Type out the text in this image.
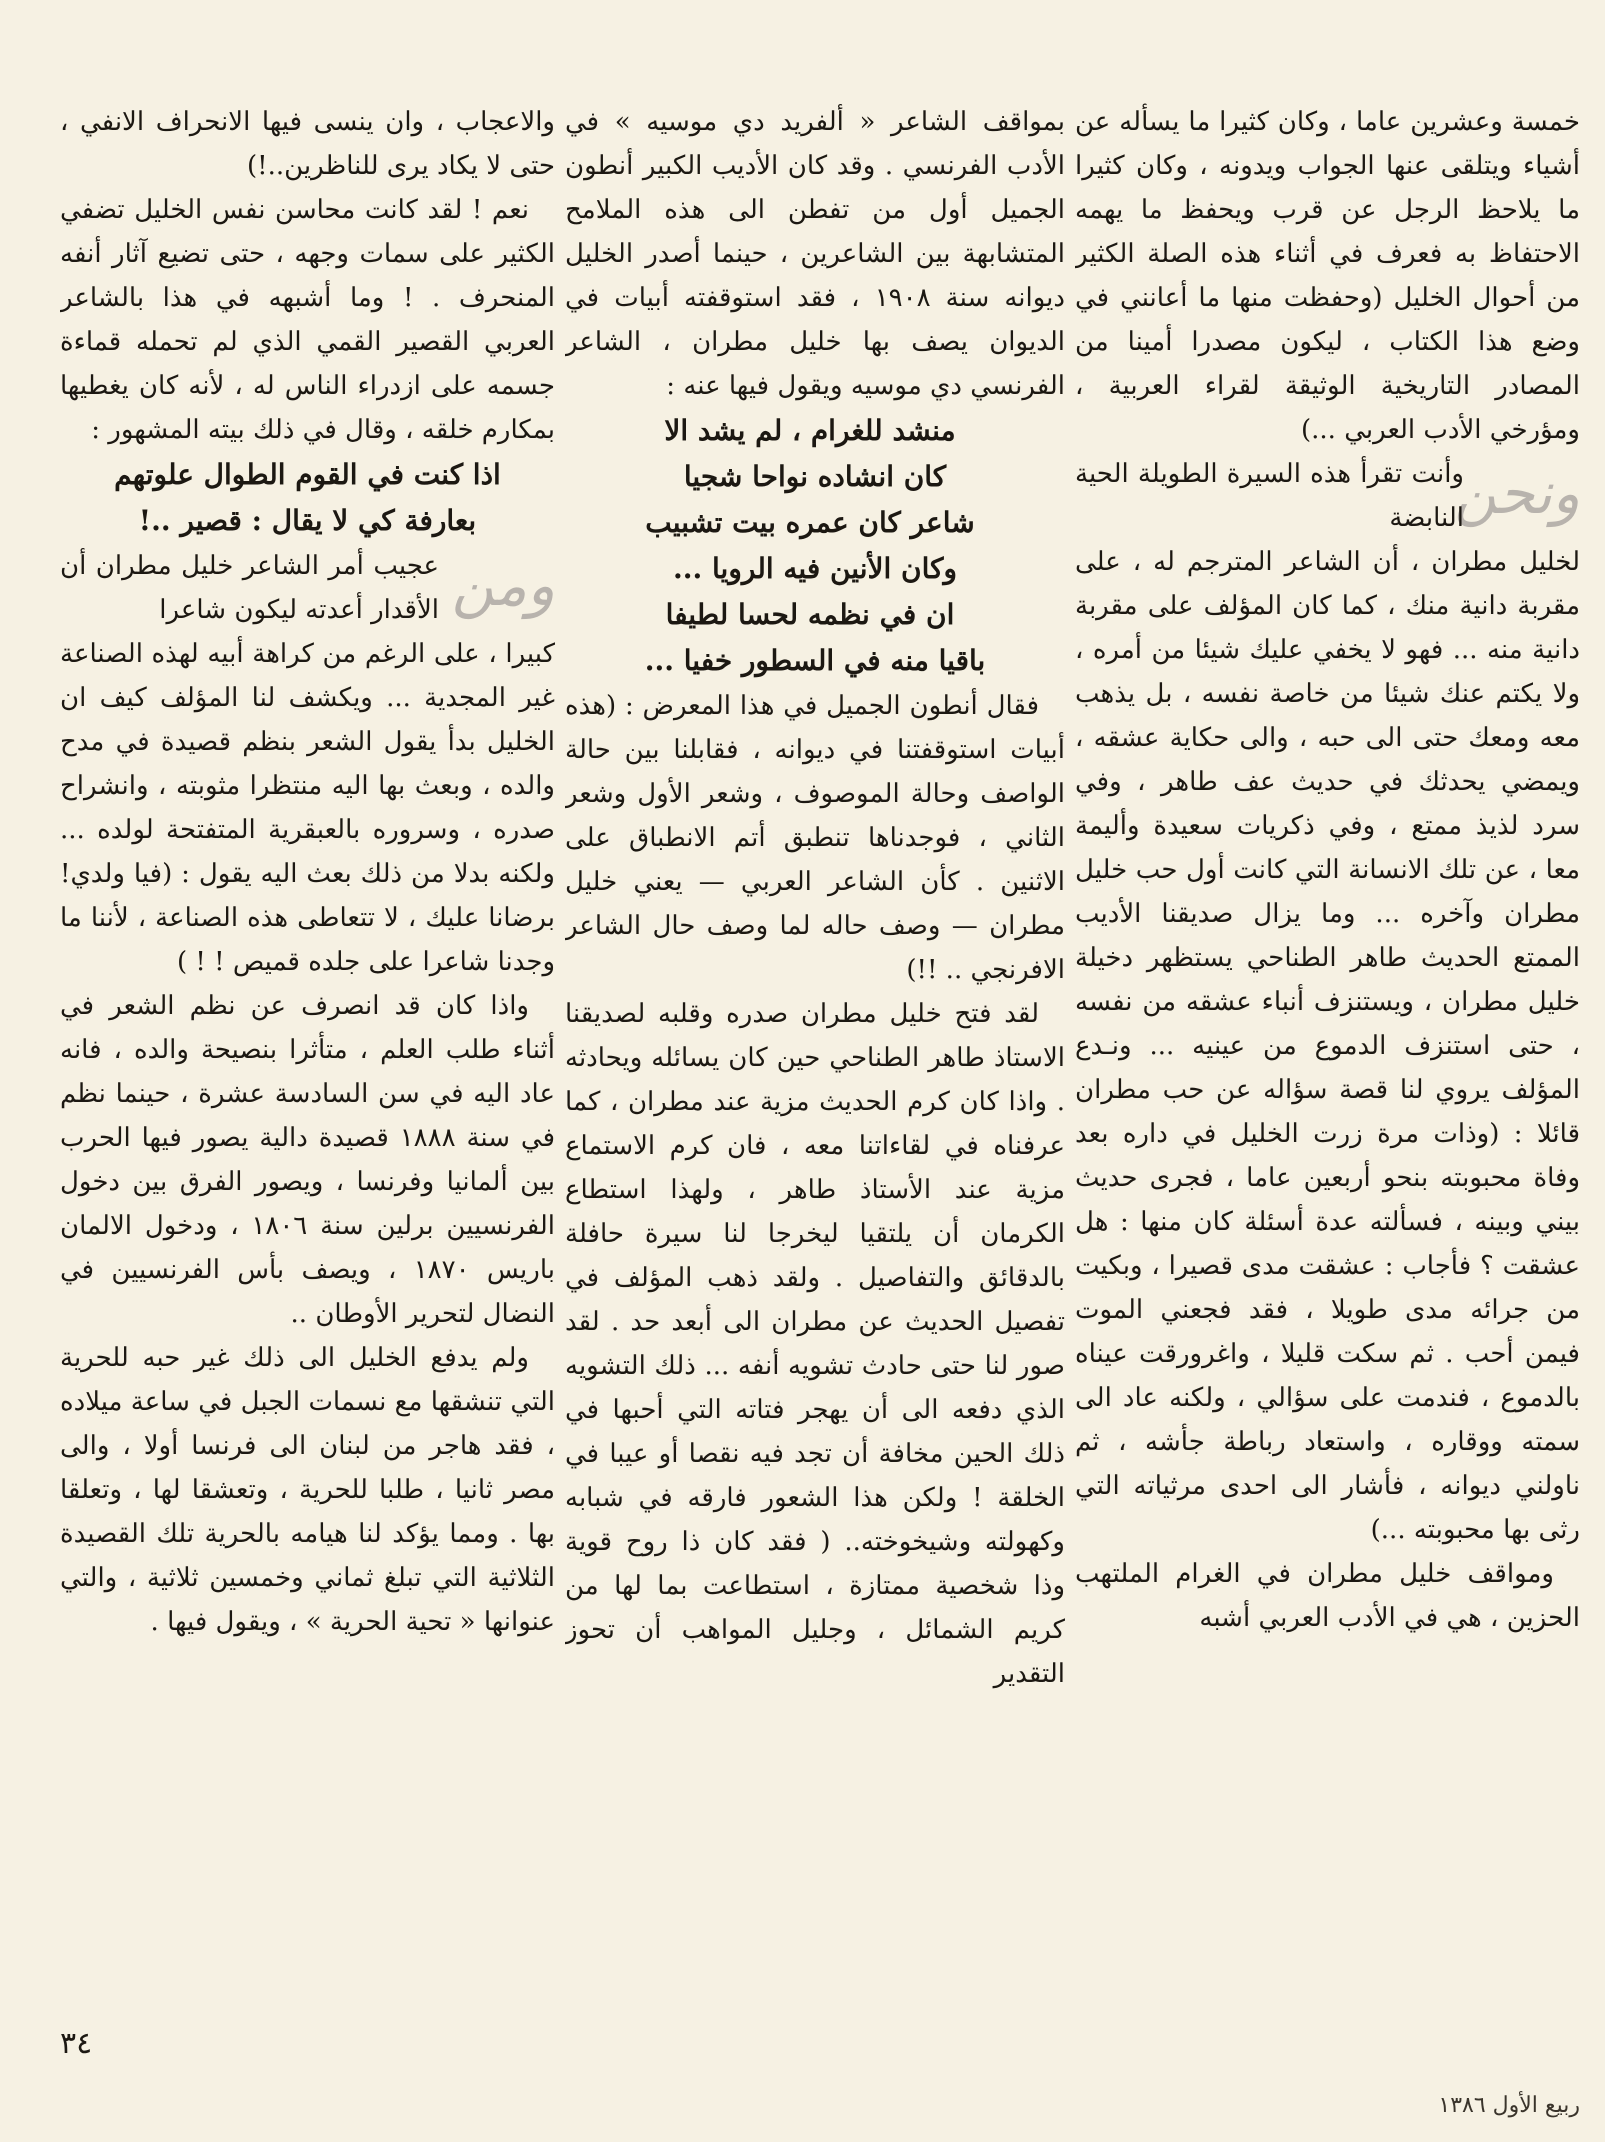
خمسة وعشرين عاما ، وكان كثيرا ما يسأله عن أشياء ويتلقى عنها الجواب ويدونه ، وكان كثيرا ما يلاحظ الرجل عن قرب ويحفظ ما يهمه الاحتفاظ به فعرف في أثناء هذه الصلة الكثير من أحوال الخليل (وحفظت منها ما أعانني في وضع هذا الكتاب ، ليكون مصدرا أمينا من المصادر التاريخية الوثيقة لقراء العربية ، ومؤرخي الأدب العربي ...)

ونحن

وأنت تقرأ هذه السيرة الطويلة الحية النابضة

لخليل مطران ، أن الشاعر المترجم له ، على مقربة دانية منك ، كما كان المؤلف على مقربة دانية منه ... فهو لا يخفي عليك شيئا من أمره ، ولا يكتم عنك شيئا من خاصة نفسه ، بل يذهب معه ومعك حتى الى حبه ، والى حكاية عشقه ، ويمضي يحدثك في حديث عف طاهر ، وفي سرد لذيذ ممتع ، وفي ذكريات سعيدة وأليمة معا ، عن تلك الانسانة التي كانت أول حب خليل مطران وآخره ... وما يزال صديقنا الأديب الممتع الحديث طاهر الطناحي يستظهر دخيلة خليل مطران ، ويستنزف أنباء عشقه من نفسه ، حتى استنزف الدموع من عينيه ... ونـدع المؤلف يروي لنا قصة سؤاله عن حب مطران قائلا : (وذات مرة زرت الخليل في داره بعد وفاة محبوبته بنحو أربعين عاما ، فجرى حديث بيني وبينه ، فسألته عدة أسئلة كان منها : هل عشقت ؟ فأجاب : عشقت مدى قصيرا ، وبكيت من جرائه مدى طويلا ، فقد فجعني الموت فيمن أحب . ثم سكت قليلا ، واغرورقت عيناه بالدموع ، فندمت على سؤالي ، ولكنه عاد الى سمته ووقاره ، واستعاد رباطة جأشه ، ثم ناولني ديوانه ، فأشار الى احدى مرثياته التي رثى بها محبوبته ...)

ومواقف خليل مطران في الغرام الملتهب الحزين ، هي في الأدب العربي أشبه

بمواقف الشاعر « ألفريد دي موسيه » في الأدب الفرنسي . وقد كان الأديب الكبير أنطون الجميل أول من تفطن الى هذه الملامح المتشابهة بين الشاعرين ، حينما أصدر الخليل ديوانه سنة ١٩٠٨ ، فقد استوقفته أبيات في الديوان يصف بها خليل مطران ، الشاعر الفرنسي دي موسيه ويقول فيها عنه :

منشد للغرام ، لم يشد الا

كان انشاده نواحا شجيا

شاعر كان عمره بيت تشبيب

وكان الأنين فيه الرويا ...

ان في نظمه لحسا لطيفا

باقيا منه في السطور خفيا ...

فقال أنطون الجميل في هذا المعرض : (هذه أبيات استوقفتنا في ديوانه ، فقابلنا بين حالة الواصف وحالة الموصوف ، وشعر الأول وشعر الثاني ، فوجدناها تنطبق أتم الانطباق على الاثنين . كأن الشاعر العربي — يعني خليل مطران — وصف حاله لما وصف حال الشاعر الافرنجي .. !!)

لقد فتح خليل مطران صدره وقلبه لصديقنا الاستاذ طاهر الطناحي حين كان يسائله ويحادثه . واذا كان كرم الحديث مزية عند مطران ، كما عرفناه في لقاءاتنا معه ، فان كرم الاستماع مزية عند الأستاذ طاهر ، ولهذا استطاع الكرمان أن يلتقيا ليخرجا لنا سيرة حافلة بالدقائق والتفاصيل . ولقد ذهب المؤلف في تفصيل الحديث عن مطران الى أبعد حد . لقد صور لنا حتى حادث تشويه أنفه ... ذلك التشويه الذي دفعه الى أن يهجر فتاته التي أحبها في ذلك الحين مخافة أن تجد فيه نقصا أو عيبا في الخلقة ! ولكن هذا الشعور فارقه في شبابه وكهولته وشيخوخته.. ( فقد كان ذا روح قوية وذا شخصية ممتازة ، استطاعت بما لها من كريم الشمائل ، وجليل المواهب أن تحوز التقدير

والاعجاب ، وان ينسى فيها الانحراف الانفي ، حتى لا يكاد يرى للناظرين..!)

نعم ! لقد كانت محاسن نفس الخليل تضفي الكثير على سمات وجهه ، حتى تضيع آثار أنفه المنحرف . ! وما أشبهه في هذا بالشاعر العربي القصير القمي الذي لم تحمله قماءة جسمه على ازدراء الناس له ، لأنه كان يغطيها بمكارم خلقه ، وقال في ذلك بيته المشهور :

اذا كنت في القوم الطوال علوتهم

بعارفة كي لا يقال : قصير ..!

ومن

عجيب أمر الشاعر خليل مطران أن الأقدار أعدته ليكون شاعرا

كبيرا ، على الرغم من كراهة أبيه لهذه الصناعة غير المجدية ... ويكشف لنا المؤلف كيف ان الخليل بدأ يقول الشعر بنظم قصيدة في مدح والده ، وبعث بها اليه منتظرا مثوبته ، وانشراح صدره ، وسروره بالعبقرية المتفتحة لولده ... ولكنه بدلا من ذلك بعث اليه يقول : (فيا ولدي! برضانا عليك ، لا تتعاطى هذه الصناعة ، لأننا ما وجدنا شاعرا على جلده قميص ! ! )

واذا كان قد انصرف عن نظم الشعر في أثناء طلب العلم ، متأثرا بنصيحة والده ، فانه عاد اليه في سن السادسة عشرة ، حينما نظم في سنة ١٨٨٨ قصيدة دالية يصور فيها الحرب بين ألمانيا وفرنسا ، ويصور الفرق بين دخول الفرنسيين برلين سنة ١٨٠٦ ، ودخول الالمان باريس ١٨٧٠ ، ويصف بأس الفرنسيين في النضال لتحرير الأوطان ..

ولم يدفع الخليل الى ذلك غير حبه للحرية التي تنشقها مع نسمات الجبل في ساعة ميلاده ، فقد هاجر من لبنان الى فرنسا أولا ، والى مصر ثانيا ، طلبا للحرية ، وتعشقا لها ، وتعلقا بها . ومما يؤكد لنا هيامه بالحرية تلك القصيدة الثلاثية التي تبلغ ثماني وخمسين ثلاثية ، والتي عنوانها « تحية الحرية » ، ويقول فيها .

٣٤
ربيع الأول ١٣٨٦
